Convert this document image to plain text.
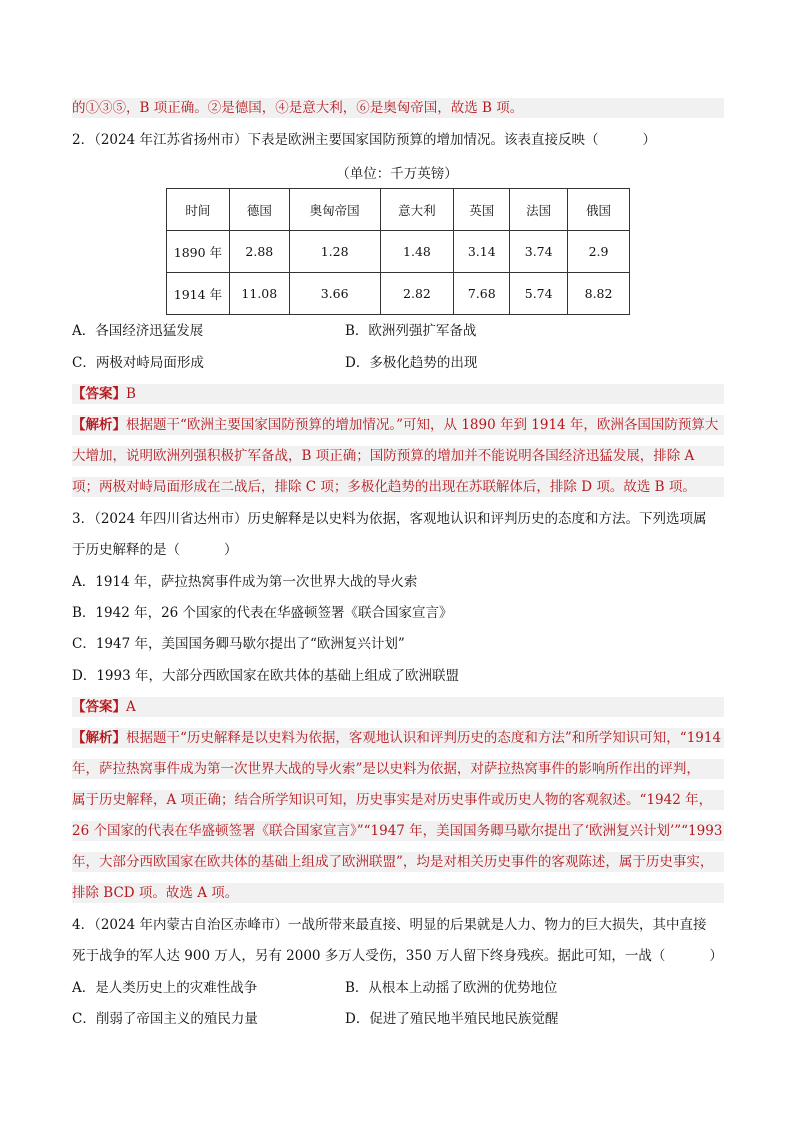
的①③⑤，B 项正确。②是德国，④是意大利，⑥是奥匈帝国，故选 B 项。
2．（2024 年江苏省扬州市）下表是欧洲主要国家国防预算的增加情况。该表直接反映（	）
（单位：千万英镑）
时间	德国	奥匈帝国	意大利	英国	法国	俄国
1890 年	2.88	1.28	1.48	3.14	3.74	2.9
1914 年	11.08	3.66	2.82	7.68	5.74	8.82
A．各国经济迅猛发展	B．欧洲列强扩军备战
C．两极对峙局面形成	D．多极化趋势的出现
【答案】B
【解析】根据题干“欧洲主要国家国防预算的增加情况。”可知，从 1890 年到 1914 年，欧洲各国国防预算大
大增加，说明欧洲列强积极扩军备战，B 项正确；国防预算的增加并不能说明各国经济迅猛发展，排除 A
项；两极对峙局面形成在二战后，排除 C 项；多极化趋势的出现在苏联解体后，排除 D 项。故选 B 项。
3．（2024 年四川省达州市）历史解释是以史料为依据，客观地认识和评判历史的态度和方法。下列选项属
于历史解释的是（	）
A．1914 年，萨拉热窝事件成为第一次世界大战的导火索
B．1942 年，26 个国家的代表在华盛顿签署《联合国家宣言》
C．1947 年，美国国务卿马歇尔提出了“欧洲复兴计划”
D．1993 年，大部分西欧国家在欧共体的基础上组成了欧洲联盟
【答案】A
【解析】根据题干“历史解释是以史料为依据，客观地认识和评判历史的态度和方法”和所学知识可知，“1914
年，萨拉热窝事件成为第一次世界大战的导火索”是以史料为依据，对萨拉热窝事件的影响所作出的评判，
属于历史解释，A 项正确；结合所学知识可知，历史事实是对历史事件或历史人物的客观叙述。“1942 年，
26 个国家的代表在华盛顿签署《联合国家宣言》”“1947 年，美国国务卿马歇尔提出了‘欧洲复兴计划’”“1993
年，大部分西欧国家在欧共体的基础上组成了欧洲联盟”，均是对相关历史事件的客观陈述，属于历史事实，
排除 BCD 项。故选 A 项。
4．（2024 年内蒙古自治区赤峰市）一战所带来最直接、明显的后果就是人力、物力的巨大损失，其中直接
死于战争的军人达 900 万人，另有 2000 多万人受伤，350 万人留下终身残疾。据此可知，一战（	）
A．是人类历史上的灾难性战争	B．从根本上动摇了欧洲的优势地位
C．削弱了帝国主义的殖民力量	D．促进了殖民地半殖民地民族觉醒
